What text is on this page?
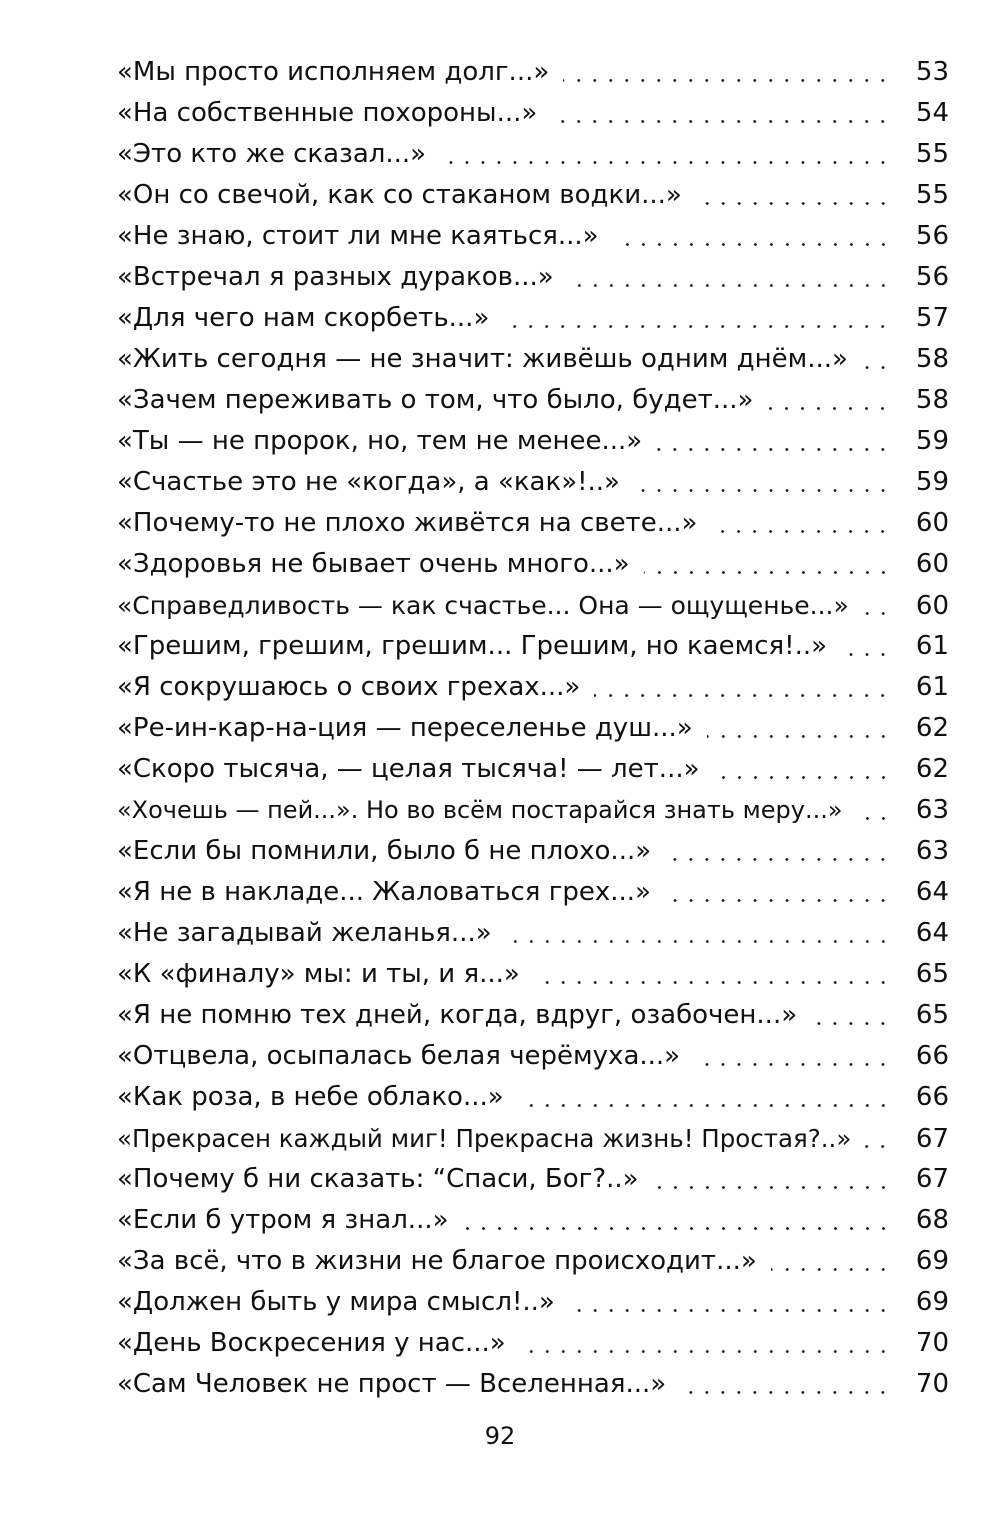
«Мы просто исполняем долг...»	53
«На собственные похороны...»	54
«Это кто же сказал...»	55
«Он со свечой, как со стаканом водки...»	55
«Не знаю, стоит ли мне каяться...»	56
«Встречал я разных дураков...»	56
«Для чего нам скорбеть...»	57
«Жить сегодня — не значит: живёшь одним днём...»	58
«Зачем переживать о том, что было, будет...»	58
«Ты — не пророк, но, тем не менее...»	59
«Счастье это не «когда», а «как»!..»	59
«Почему-то не плохо живётся на свете...»	60
«Здоровья не бывает очень много...»	60
«Справедливость — как счастье... Она — ощущенье...»	60
«Грешим, грешим, грешим... Грешим, но каемся!..»	61
«Я сокрушаюсь о своих грехах...»	61
«Ре-ин-кар-на-ция — переселенье душ...»	62
«Скоро тысяча, — целая тысяча! — лет...»	62
«Хочешь — пей...». Но во всём постарайся знать меру...»	63
«Если бы помнили, было б не плохо...»	63
«Я не в накладе... Жаловаться грех...»	64
«Не загадывай желанья...»	64
«К «финалу» мы: и ты, и я...»	65
«Я не помню тех дней, когда, вдруг, озабочен...»	65
«Отцвела, осыпалась белая черёмуха...»	66
«Как роза, в небе облако...»	66
«Прекрасен каждый миг! Прекрасна жизнь! Простая?..»	67
«Почему б ни сказать: “Спаси, Бог?..»	67
«Если б утром я знал...»	68
«За всё, что в жизни не благое происходит...»	69
«Должен быть у мира смысл!..»	69
«День Воскресения у нас...»	70
«Сам Человек не прост — Вселенная...»	70
92
